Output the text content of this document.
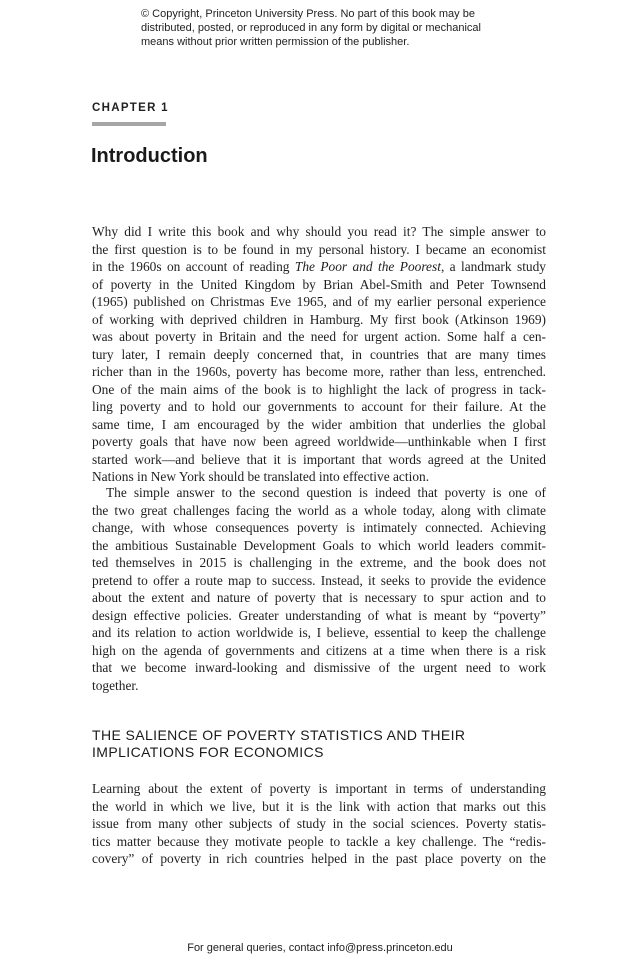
© Copyright, Princeton University Press. No part of this book may be
distributed, posted, or reproduced in any form by digital or mechanical
means without prior written permission of the publisher.
CHAPTER 1
Introduction
Why did I write this book and why should you read it? The simple answer to
the first question is to be found in my personal history. I became an economist
in the 1960s on account of reading The Poor and the Poorest, a landmark study
of poverty in the United Kingdom by Brian Abel-Smith and Peter Townsend
(1965) published on Christmas Eve 1965, and of my earlier personal experience
of working with deprived children in Hamburg. My first book (Atkinson 1969)
was about poverty in Britain and the need for urgent action. Some half a cen-
tury later, I remain deeply concerned that, in countries that are many times
richer than in the 1960s, poverty has become more, rather than less, entrenched.
One of the main aims of the book is to highlight the lack of progress in tack-
ling poverty and to hold our governments to account for their failure. At the
same time, I am encouraged by the wider ambition that underlies the global
poverty goals that have now been agreed worldwide—unthinkable when I first
started work—and believe that it is important that words agreed at the United
Nations in New York should be translated into effective action.
The simple answer to the second question is indeed that poverty is one of
the two great challenges facing the world as a whole today, along with climate
change, with whose consequences poverty is intimately connected. Achieving
the ambitious Sustainable Development Goals to which world leaders commit-
ted themselves in 2015 is challenging in the extreme, and the book does not
pretend to offer a route map to success. Instead, it seeks to provide the evidence
about the extent and nature of poverty that is necessary to spur action and to
design effective policies. Greater understanding of what is meant by “poverty”
and its relation to action worldwide is, I believe, essential to keep the challenge
high on the agenda of governments and citizens at a time when there is a risk
that we become inward-looking and dismissive of the urgent need to work
together.
THE SALIENCE OF POVERTY STATISTICS AND THEIR
IMPLICATIONS FOR ECONOMICS
Learning about the extent of poverty is important in terms of understanding
the world in which we live, but it is the link with action that marks out this
issue from many other subjects of study in the social sciences. Poverty statis-
tics matter because they motivate people to tackle a key challenge. The “redis-
covery” of poverty in rich countries helped in the past place poverty on the
For general queries, contact info@press.princeton.edu
